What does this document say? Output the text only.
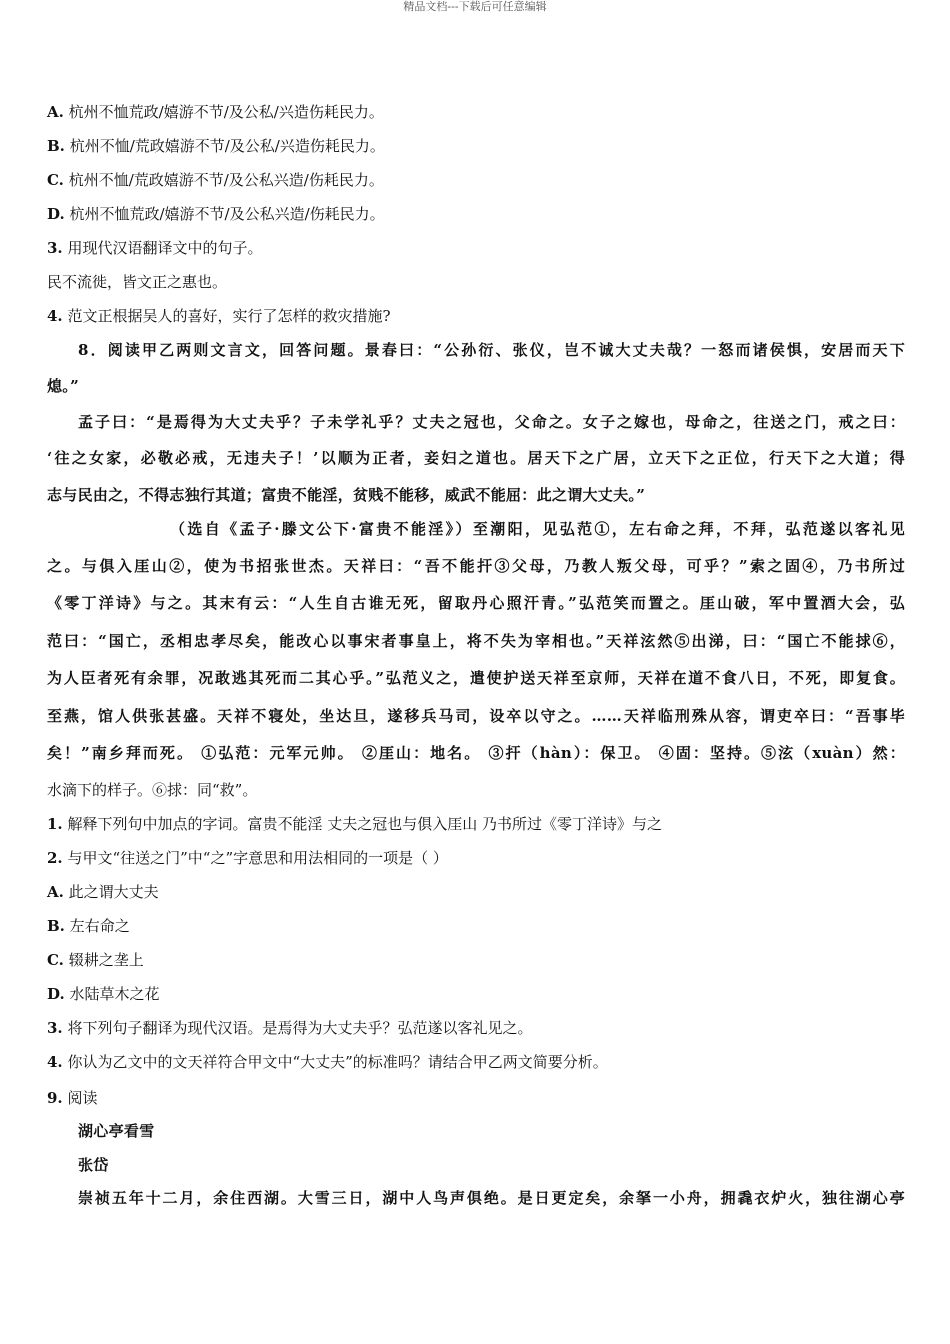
精品文档---下载后可任意编辑
A. 杭州不恤荒政/嬉游不节/及公私/兴造伤耗民力。
B. 杭州不恤/荒政嬉游不节/及公私/兴造伤耗民力。
C. 杭州不恤/荒政嬉游不节/及公私兴造/伤耗民力。
D. 杭州不恤荒政/嬉游不节/及公私兴造/伤耗民力。
3. 用现代汉语翻译文中的句子。
民不流徙，皆文正之惠也。
4. 范文正根据吴人的喜好，实行了怎样的救灾措施?
8．阅读甲乙两则文言文，回答问题。景春曰：“公孙衍、张仪，岂不诚大丈夫哉？一怒而诸侯惧，安居而天下
熄。”
孟子曰：“是焉得为大丈夫乎？子未学礼乎？丈夫之冠也，父命之。女子之嫁也，母命之，往送之门，戒之曰：
‘往之女家，必敬必戒，无违夫子！’以顺为正者，妾妇之道也。居天下之广居，立天下之正位，行天下之大道；得
志与民由之，不得志独行其道；富贵不能淫，贫贱不能移，威武不能屈：此之谓大丈夫。”
（选自《孟子·滕文公下·富贵不能淫》）至潮阳，见弘范①，左右命之拜，不拜，弘范遂以客礼见
之。与俱入厓山②，使为书招张世杰。天祥曰：“吾不能扞③父母，乃教人叛父母，可乎？”索之固④，乃书所过
《零丁洋诗》与之。其末有云：“人生自古谁无死，留取丹心照汗青。”弘范笑而置之。厓山破，军中置酒大会，弘
范曰：“国亡，丞相忠孝尽矣，能改心以事宋者事皇上，将不失为宰相也。”天祥泫然⑤出涕，曰：“国亡不能捄⑥，
为人臣者死有余罪，况敢逃其死而二其心乎。”弘范义之，遣使护送天祥至京师，天祥在道不食八日，不死，即复食。
至燕，馆人供张甚盛。天祥不寝处，坐达旦，遂移兵马司，设卒以守之。……天祥临刑殊从容，谓吏卒曰：“吾事毕
矣！”南乡拜而死。 ①弘范：元军元帅。 ②厓山：地名。 ③扞（hàn）：保卫。 ④固：坚持。⑤泫（xuàn）然：
水滴下的样子。⑥捄：同“救”。
1. 解释下列句中加点的字词。富贵不能淫 丈夫之冠也与俱入厓山 乃书所过《零丁洋诗》与之
2. 与甲文“往送之门”中“之”字意思和用法相同的一项是（ ）
A. 此之谓大丈夫
B. 左右命之
C. 辍耕之垄上
D. 水陆草木之花
3. 将下列句子翻译为现代汉语。是焉得为大丈夫乎？弘范遂以客礼见之。
4. 你认为乙文中的文天祥符合甲文中“大丈夫”的标准吗？请结合甲乙两文简要分析。
9. 阅读
湖心亭看雪
张岱
崇祯五年十二月，余住西湖。大雪三日，湖中人鸟声俱绝。是日更定矣，余拏一小舟，拥毳衣炉火，独往湖心亭
